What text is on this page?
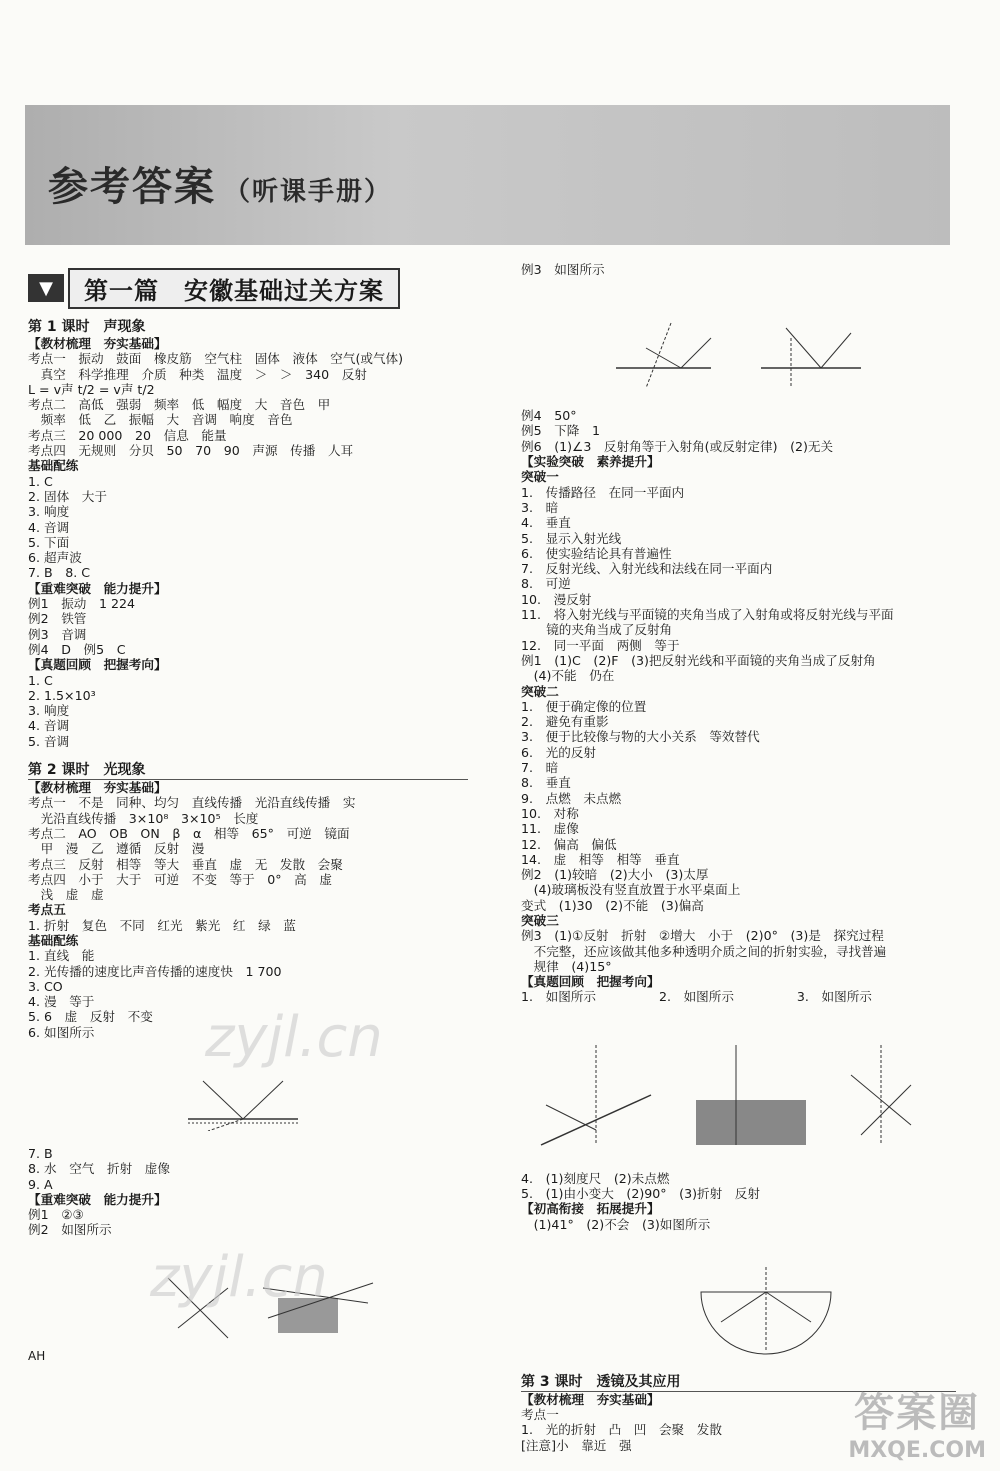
参考答案 （听课手册）
▼	第一篇　安徽基础过关方案
第 1 课时　声现象
【教材梳理　夯实基础】
考点一　振动　鼓面　橡皮筋　空气柱　固体　液体　空气(或气体)
　真空　科学推理　介质　种类　温度　＞　＞　340　反射
L = v声 t/2 = v声 t/2
考点二　高低　强弱　频率　低　幅度　大　音色　甲
　频率　低　乙　振幅　大　音调　响度　音色
考点三　20 000　20　信息　能量
考点四　无规则　分贝　50　70　90　声源　传播　人耳
基础配练
1. C
2. 固体　大于
3. 响度
4. 音调
5. 下面
6. 超声波
7. B　8. C
【重难突破　能力提升】
例1　振动　1 224
例2　铁管
例3　音调
例4　D　例5　C
【真题回顾　把握考向】
1. C
2. 1.5×10³
3. 响度
4. 音调
5. 音调
第 2 课时　光现象
【教材梳理　夯实基础】
考点一　不是　同种、均匀　直线传播　光沿直线传播　实
　光沿直线传播　3×10⁸　3×10⁵　长度
考点二　AO　OB　ON　β　α　相等　65°　可逆　镜面
　甲　漫　乙　遵循　反射　漫
考点三　反射　相等　等大　垂直　虚　无　发散　会聚
考点四　小于　大于　可逆　不变　等于　0°　高　虚
　浅　虚　虚
考点五
1. 折射　复色　不同　红光　紫光　红　绿　蓝
基础配练
1. 直线　能
2. 光传播的速度比声音传播的速度快　1 700
3. CO
4. 漫　等于
5. 6　虚　反射　不变
6. 如图所示

7. B
8. 水　空气　折射　虚像
9. A
【重难突破　能力提升】
例1　②③
例2　如图所示

例3　如图所示

例4　50°
例5　下降　1
例6　(1)∠3　反射角等于入射角(或反射定律)　(2)无关
【实验突破　素养提升】
突破一
1.　传播路径　在同一平面内
3.　暗
4.　垂直
5.　显示入射光线
6.　使实验结论具有普遍性
7.　反射光线、入射光线和法线在同一平面内
8.　可逆
10.　漫反射
11.　将入射光线与平面镜的夹角当成了入射角或将反射光线与平面
　　镜的夹角当成了反射角
12.　同一平面　两侧　等于
例1　(1)C　(2)F　(3)把反射光线和平面镜的夹角当成了反射角
　(4)不能　仍在
突破二
1.　便于确定像的位置
2.　避免有重影
3.　便于比较像与物的大小关系　等效替代
6.　光的反射
7.　暗
8.　垂直
9.　点燃　未点燃
10.　对称
11.　虚像
12.　偏高　偏低
14.　虚　相等　相等　垂直
例2　(1)较暗　(2)大小　(3)太厚
　(4)玻璃板没有竖直放置于水平桌面上
变式　(1)30　(2)不能　(3)偏高
突破三
例3　(1)①反射　折射　②增大　小于　(2)0°　(3)是　探究过程
　不完整，还应该做其他多种透明介质之间的折射实验，寻找普遍
　规律　(4)15°
【真题回顾　把握考向】
1.　如图所示　　　　　2.　如图所示　　　　　3.　如图所示

4.　(1)刻度尺　(2)未点燃
5.　(1)由小变大　(2)90°　(3)折射　反射
【初高衔接　拓展提升】
　(1)41°　(2)不会　(3)如图所示

第 3 课时　透镜及其应用
【教材梳理　夯实基础】
考点一
1.　光的折射　凸　凹　会聚　发散
[注意]小　靠近　强
AH
zyjl.cn
zyjl.cn
答案圈
MXQE.COM
